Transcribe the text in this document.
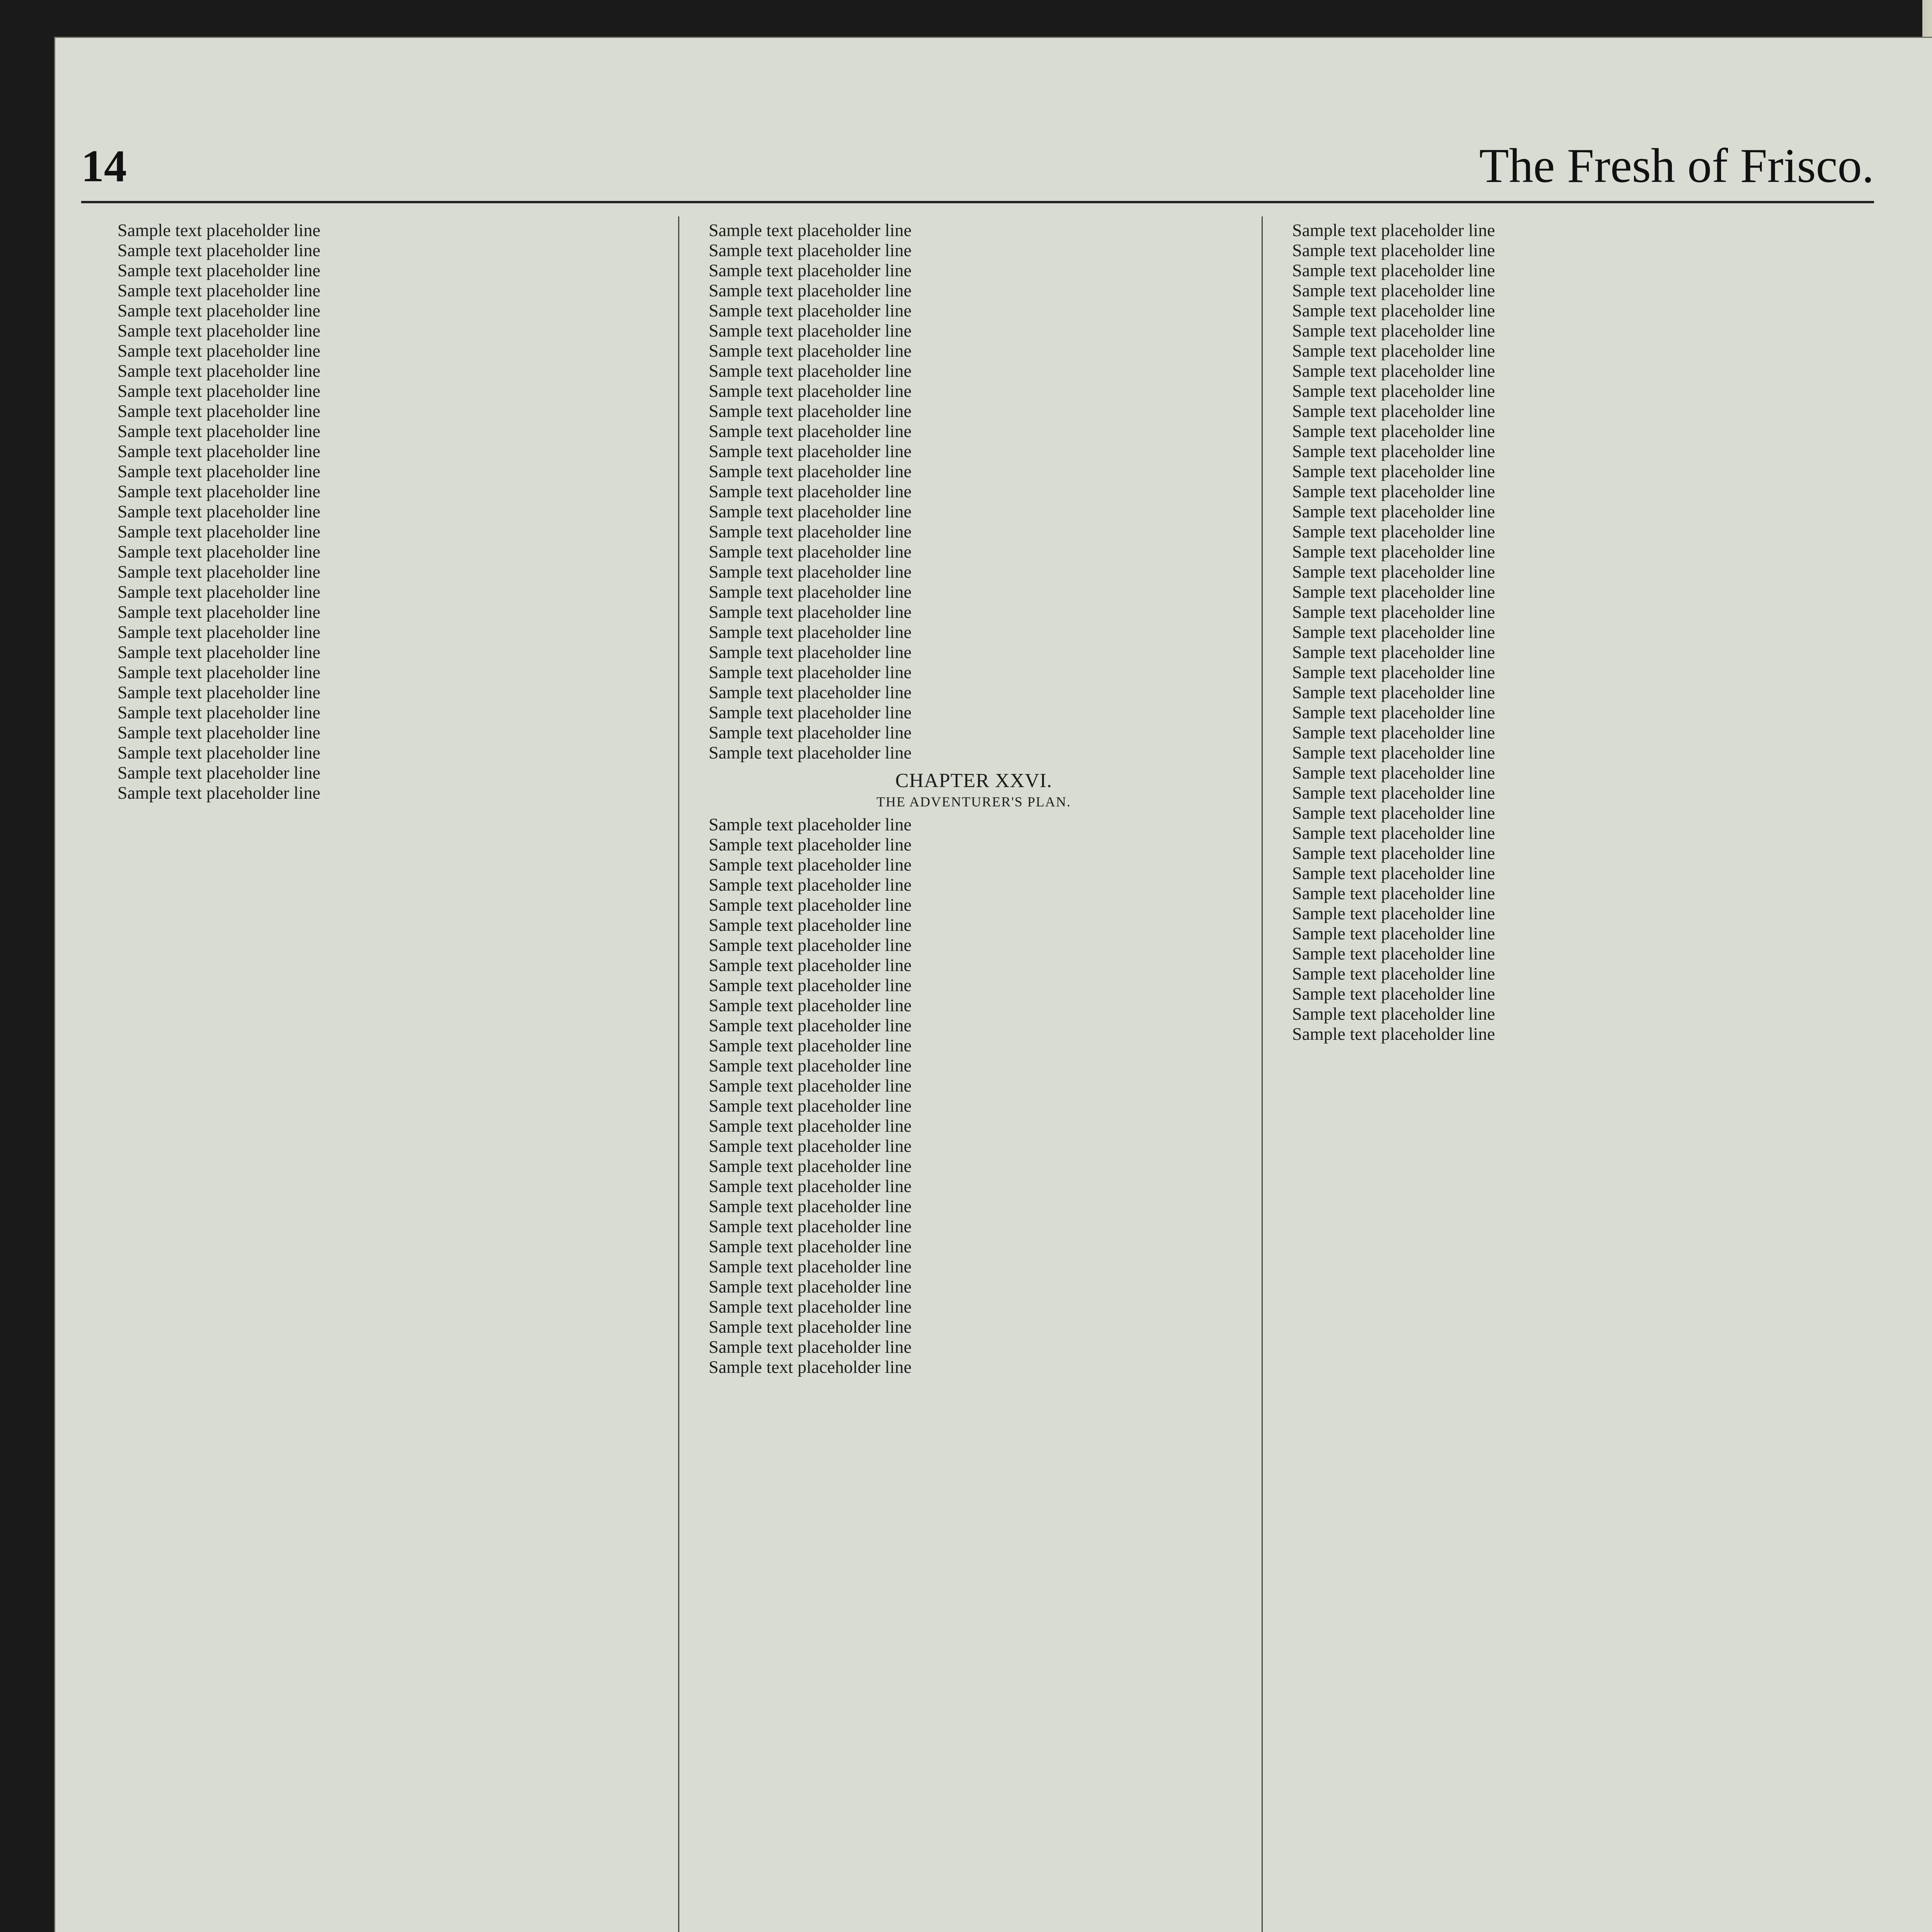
14	The Fresh of Frisco.

Sample text placeholder line

Sample text placeholder line

Sample text placeholder line

Sample text placeholder line

Sample text placeholder line

Sample text placeholder line

Sample text placeholder line

Sample text placeholder line

Sample text placeholder line

Sample text placeholder line

Sample text placeholder line

Sample text placeholder line

Sample text placeholder line

Sample text placeholder line

Sample text placeholder line

Sample text placeholder line

Sample text placeholder line

Sample text placeholder line

Sample text placeholder line

Sample text placeholder line

Sample text placeholder line

Sample text placeholder line

Sample text placeholder line

Sample text placeholder line

Sample text placeholder line

Sample text placeholder line

Sample text placeholder line

Sample text placeholder line

Sample text placeholder line

Sample text placeholder line

Sample text placeholder line

Sample text placeholder line

Sample text placeholder line

Sample text placeholder line

Sample text placeholder line

Sample text placeholder line

Sample text placeholder line

Sample text placeholder line

Sample text placeholder line

Sample text placeholder line

Sample text placeholder line

Sample text placeholder line

Sample text placeholder line

Sample text placeholder line

Sample text placeholder line

Sample text placeholder line

Sample text placeholder line

Sample text placeholder line

Sample text placeholder line

Sample text placeholder line

Sample text placeholder line

Sample text placeholder line

Sample text placeholder line

Sample text placeholder line

Sample text placeholder line

Sample text placeholder line

CHAPTER XXVI.
THE ADVENTURER'S PLAN.

Sample text placeholder line

Sample text placeholder line

Sample text placeholder line

Sample text placeholder line

Sample text placeholder line

Sample text placeholder line

Sample text placeholder line

Sample text placeholder line

Sample text placeholder line

Sample text placeholder line

Sample text placeholder line

Sample text placeholder line

Sample text placeholder line

Sample text placeholder line

Sample text placeholder line

Sample text placeholder line

Sample text placeholder line

Sample text placeholder line

Sample text placeholder line

Sample text placeholder line

Sample text placeholder line

Sample text placeholder line

Sample text placeholder line

Sample text placeholder line

Sample text placeholder line

Sample text placeholder line

Sample text placeholder line

Sample text placeholder line

Sample text placeholder line

Sample text placeholder line

Sample text placeholder line

Sample text placeholder line

Sample text placeholder line

Sample text placeholder line

Sample text placeholder line

Sample text placeholder line

Sample text placeholder line

Sample text placeholder line

Sample text placeholder line

Sample text placeholder line

Sample text placeholder line

Sample text placeholder line

Sample text placeholder line

Sample text placeholder line

Sample text placeholder line

Sample text placeholder line

Sample text placeholder line

Sample text placeholder line

Sample text placeholder line

Sample text placeholder line

Sample text placeholder line

Sample text placeholder line

Sample text placeholder line

Sample text placeholder line

Sample text placeholder line

Sample text placeholder line

Sample text placeholder line

Sample text placeholder line

Sample text placeholder line

Sample text placeholder line

Sample text placeholder line

Sample text placeholder line

Sample text placeholder line

Sample text placeholder line

Sample text placeholder line

Sample text placeholder line

Sample text placeholder line

Sample text placeholder line

Sample text placeholder line
